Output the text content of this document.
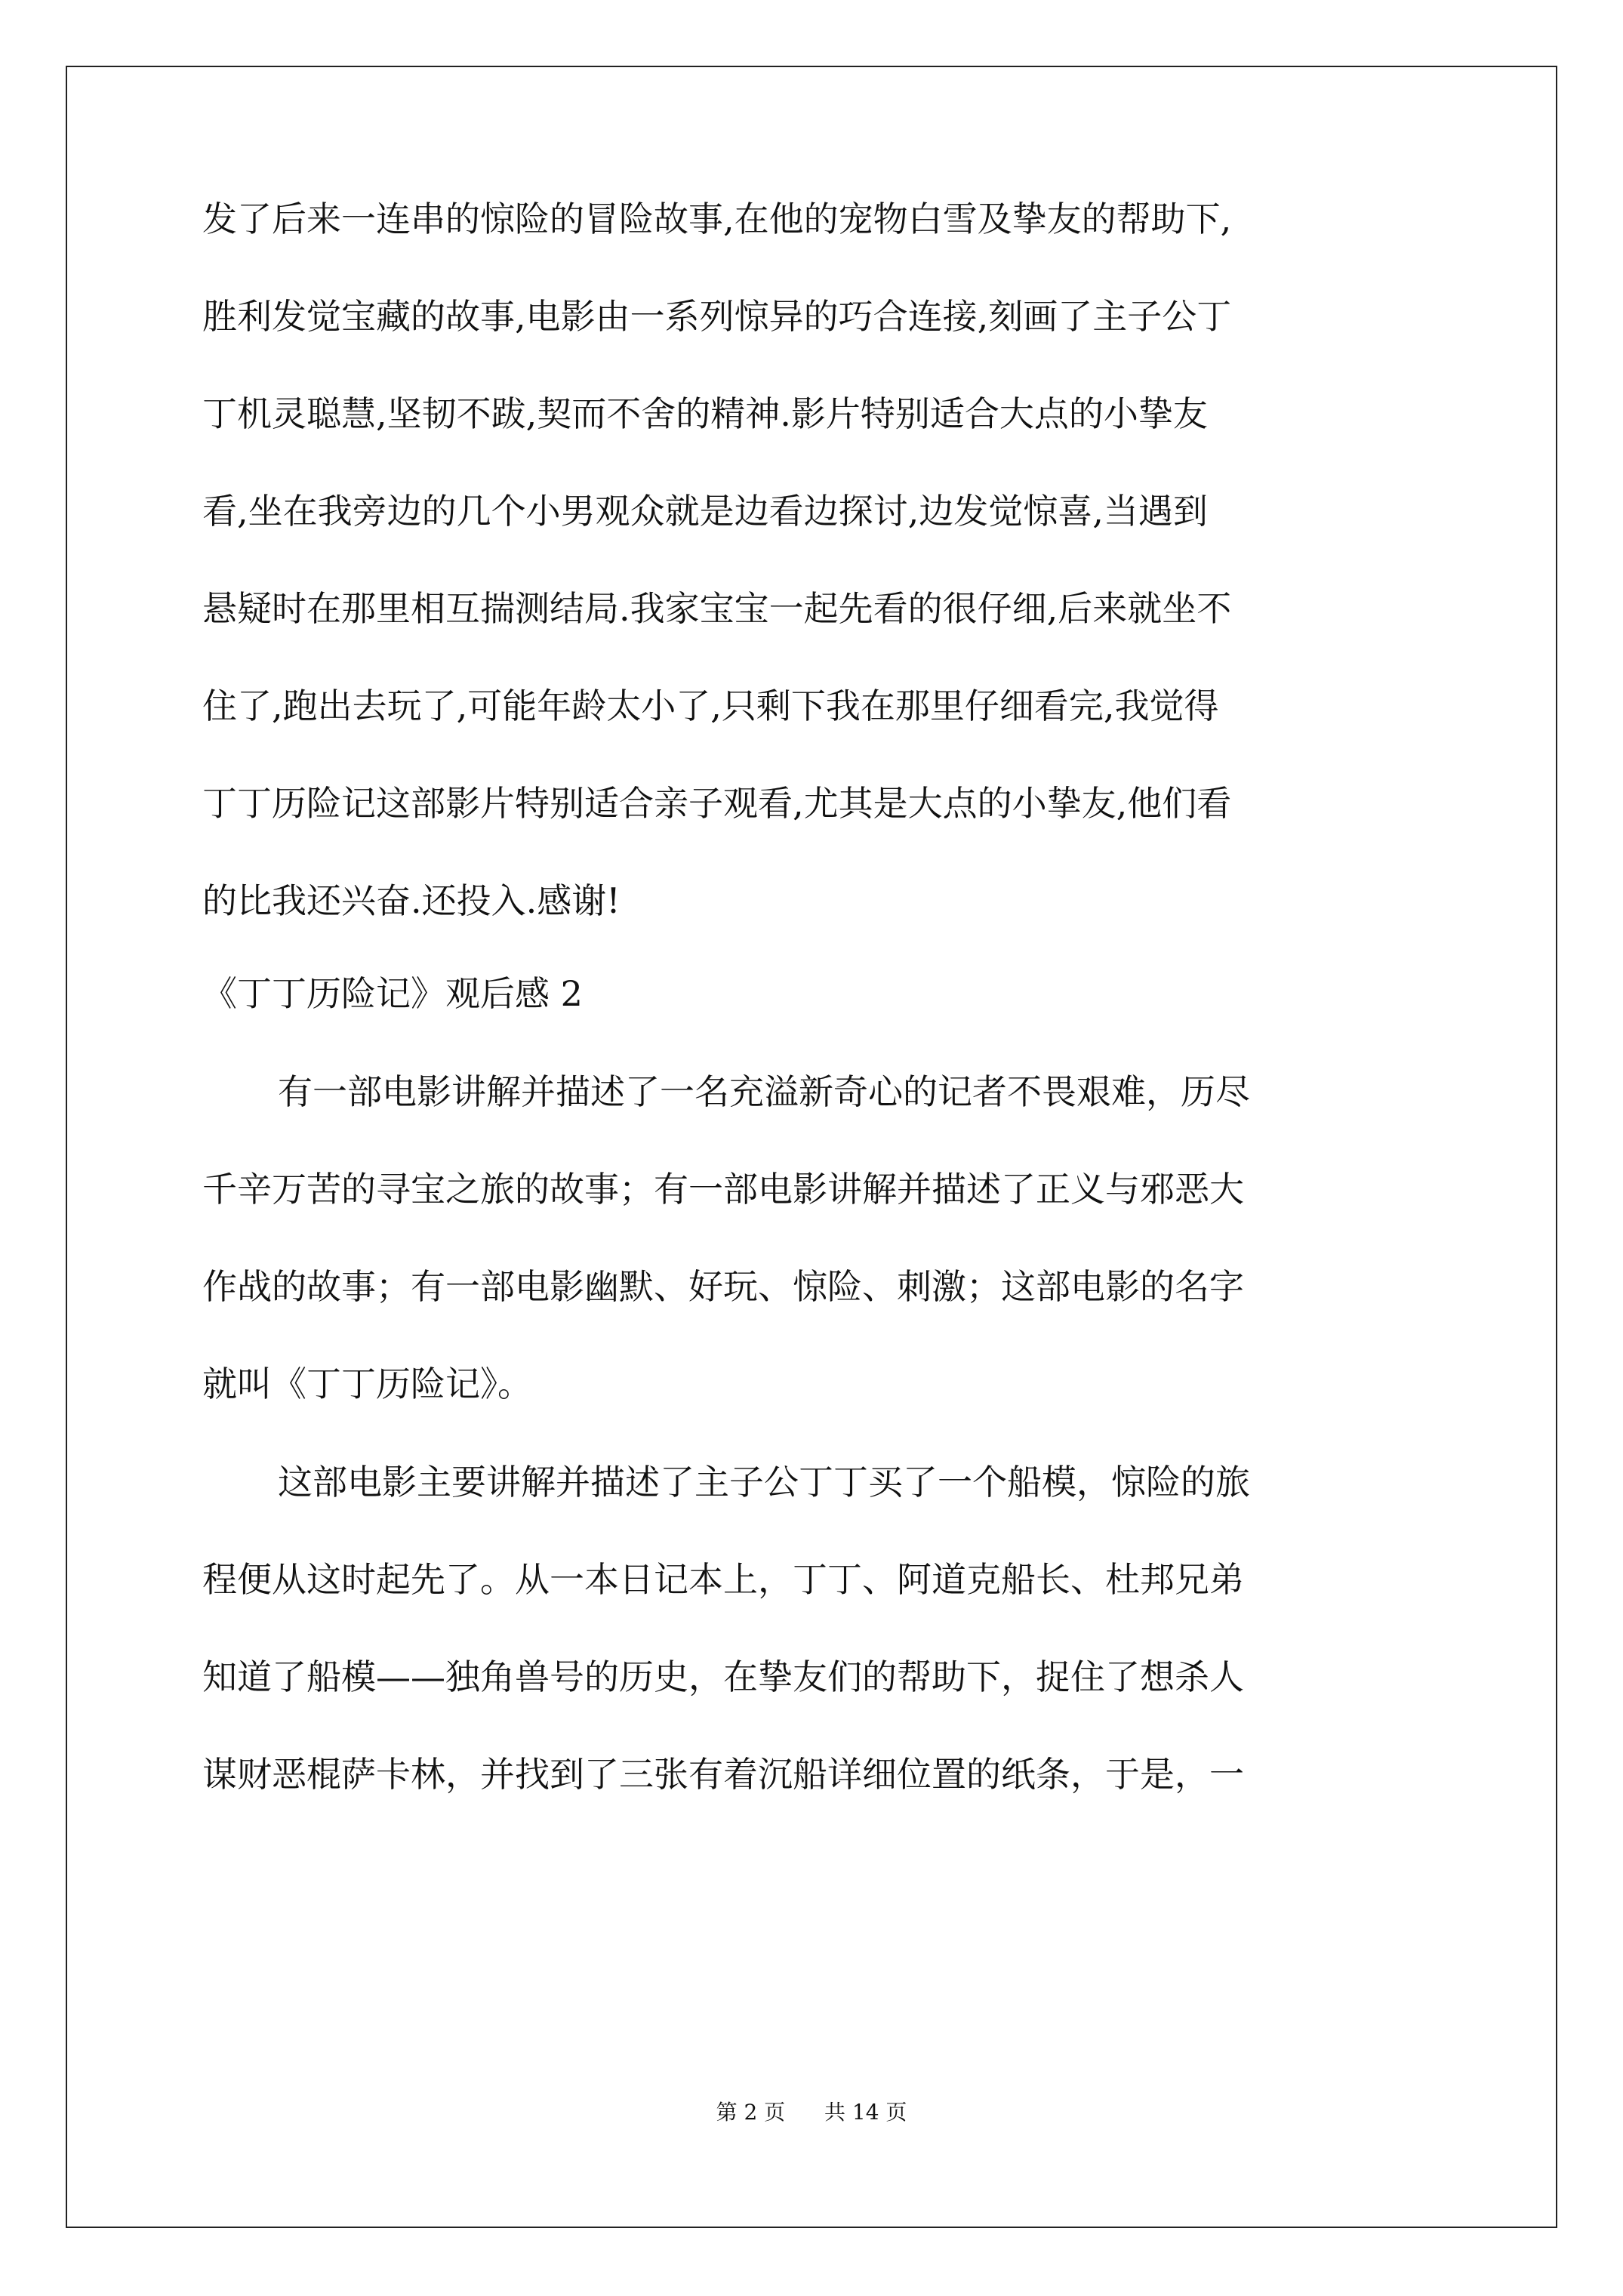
发了后来一连串的惊险的冒险故事,在他的宠物白雪及挚友的帮助下,
胜利发觉宝藏的故事,电影由一系列惊异的巧合连接,刻画了主子公丁
丁机灵聪慧,坚韧不跋,契而不舍的精神.影片特别适合大点的小挚友
看,坐在我旁边的几个小男观众就是边看边探讨,边发觉惊喜,当遇到
悬疑时在那里相互揣测结局.我家宝宝一起先看的很仔细,后来就坐不
住了,跑出去玩了,可能年龄太小了,只剩下我在那里仔细看完,我觉得
丁丁历险记这部影片特别适合亲子观看,尤其是大点的小挚友,他们看
的比我还兴奋.还投入.感谢!
《丁丁历险记》观后感 2
有一部电影讲解并描述了一名充溢新奇心的记者不畏艰难，历尽
千辛万苦的寻宝之旅的故事；有一部电影讲解并描述了正义与邪恶大
作战的故事；有一部电影幽默、好玩、惊险、刺激；这部电影的名字
就叫《丁丁历险记》。
这部电影主要讲解并描述了主子公丁丁买了一个船模，惊险的旅
程便从这时起先了。从一本日记本上，丁丁、阿道克船长、杜邦兄弟
知道了船模——独角兽号的历史，在挚友们的帮助下，捉住了想杀人
谋财恶棍萨卡林，并找到了三张有着沉船详细位置的纸条，于是，一
第 2 页 共 14 页
